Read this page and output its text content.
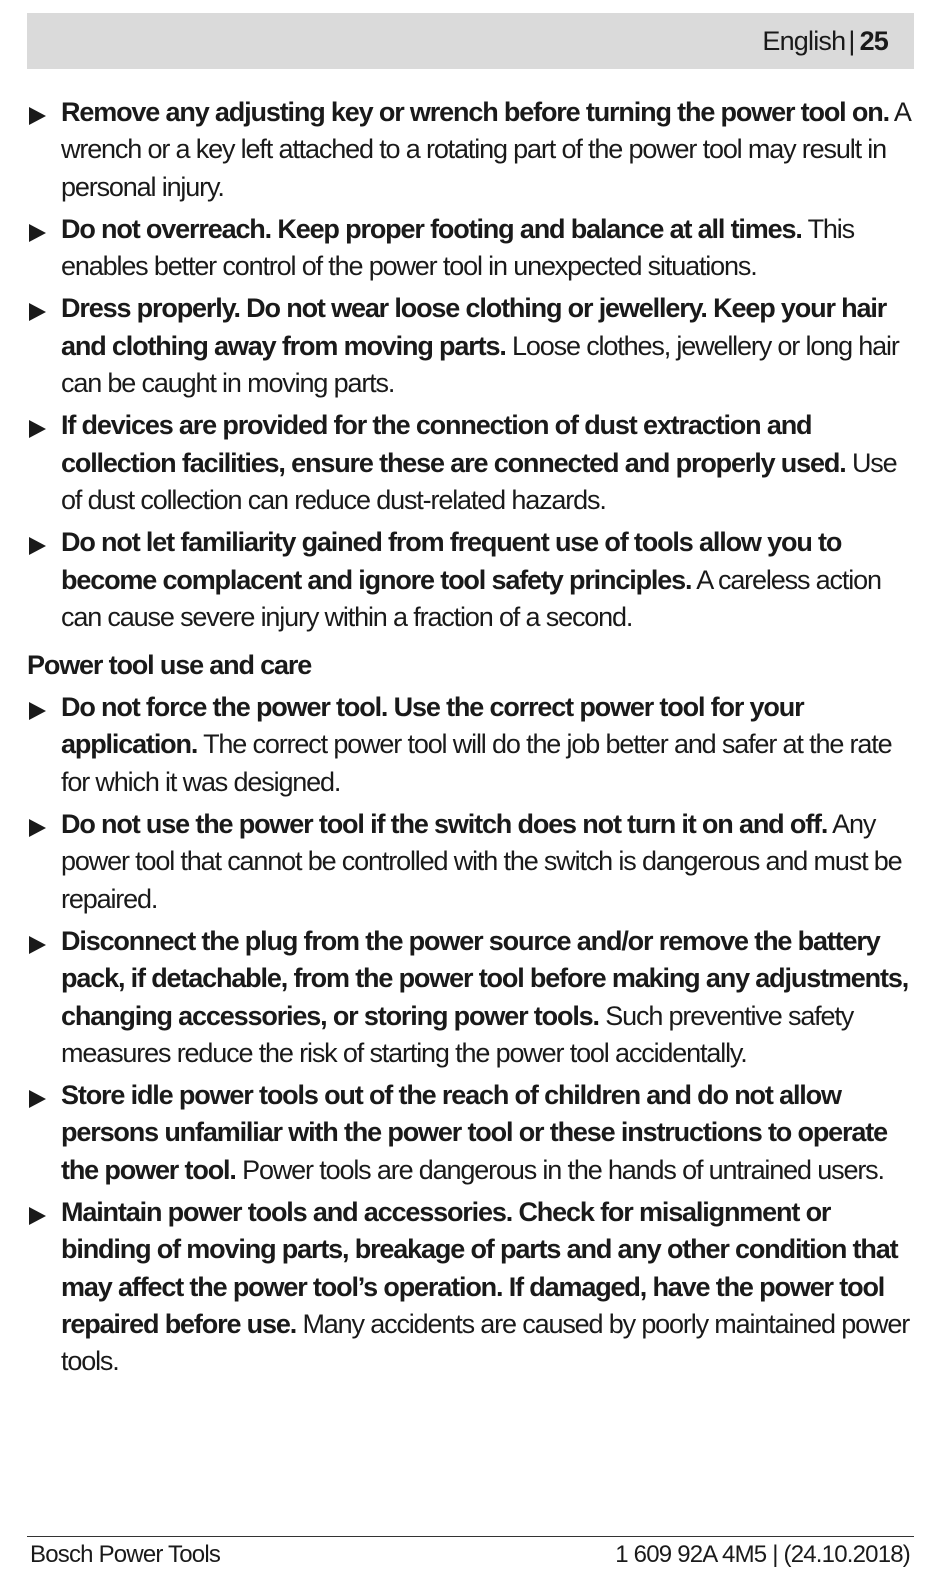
English | 25
Remove any adjusting key or wrench before turning the power tool on. A wrench or a key left attached to a rotating part of the power tool may result in personal injury.
Do not overreach. Keep proper footing and balance at all times. This enables better control of the power tool in unexpected situations.
Dress properly. Do not wear loose clothing or jewellery. Keep your hair and clothing away from moving parts. Loose clothes, jewellery or long hair can be caught in moving parts.
If devices are provided for the connection of dust extraction and collection facilities, ensure these are connected and properly used. Use of dust collection can reduce dust-related hazards.
Do not let familiarity gained from frequent use of tools allow you to become complacent and ignore tool safety principles. A careless action can cause severe injury within a fraction of a second.
Power tool use and care
Do not force the power tool. Use the correct power tool for your application. The correct power tool will do the job better and safer at the rate for which it was designed.
Do not use the power tool if the switch does not turn it on and off. Any power tool that cannot be controlled with the switch is dangerous and must be repaired.
Disconnect the plug from the power source and/or remove the battery pack, if detachable, from the power tool before making any adjustments, changing accessories, or storing power tools. Such preventive safety measures reduce the risk of starting the power tool accidentally.
Store idle power tools out of the reach of children and do not allow persons unfamiliar with the power tool or these instructions to operate the power tool. Power tools are dangerous in the hands of untrained users.
Maintain power tools and accessories. Check for misalignment or binding of moving parts, breakage of parts and any other condition that may affect the power tool’s operation. If damaged, have the power tool repaired before use. Many accidents are caused by poorly maintained power tools.
Bosch Power Tools	1 609 92A 4M5 | (24.10.2018)
